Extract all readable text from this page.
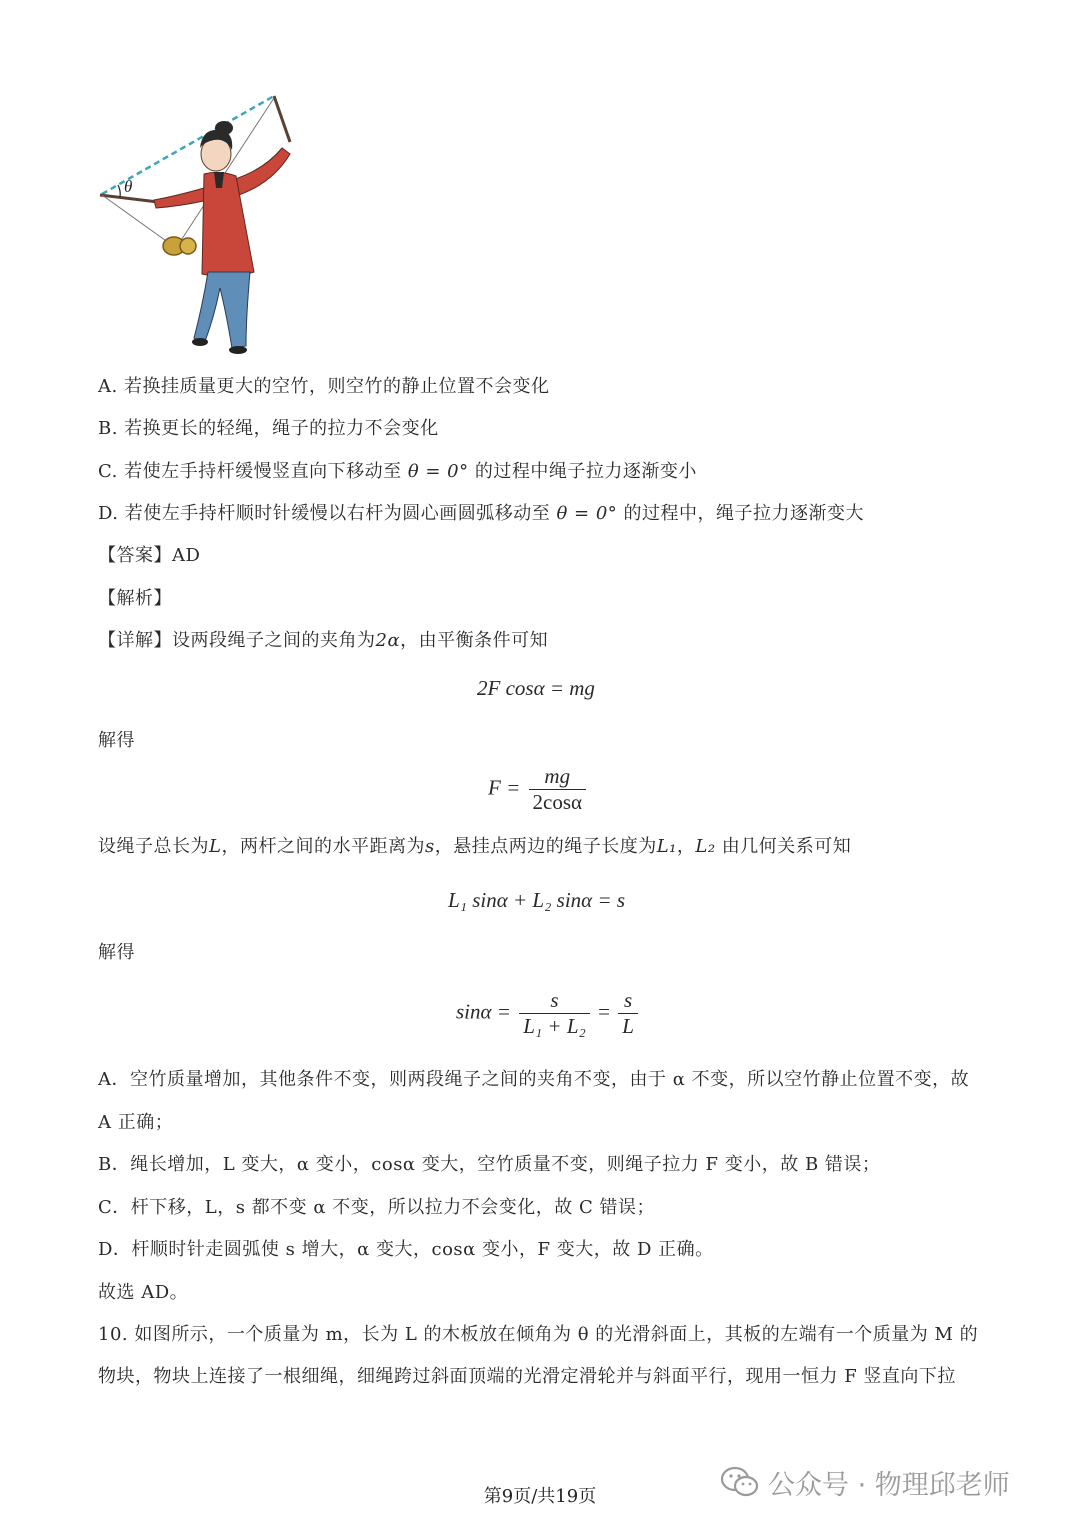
θ
A. 若换挂质量更大的空竹，则空竹的静止位置不会变化
B. 若换更长的轻绳，绳子的拉力不会变化
C. 若使左手持杆缓慢竖直向下移动至 θ = 0° 的过程中绳子拉力逐渐变小
D. 若使左手持杆顺时针缓慢以右杆为圆心画圆弧移动至 θ = 0° 的过程中，绳子拉力逐渐变大
【答案】AD
【解析】
【详解】设两段绳子之间的夹角为2α，由平衡条件可知
2F cosα = mg
解得
$F = \frac{mg}{2\cos\alpha}$
设绳子总长为L，两杆之间的水平距离为s，悬挂点两边的绳子长度为L₁，L₂ 由几何关系可知
L₁ sinα + L₂ sinα = s
解得
$\sin\alpha = \frac{s}{\text{L₁ + L₂}} = \frac{s}{L}$
A．空竹质量增加，其他条件不变，则两段绳子之间的夹角不变，由于 α 不变，所以空竹静止位置不变，故
A 正确；
B．绳长增加，L 变大，α 变小，cosα 变大，空竹质量不变，则绳子拉力 F 变小，故 B 错误；
C．杆下移，L，s 都不变 α 不变，所以拉力不会变化，故 C 错误；
D．杆顺时针走圆弧使 s 增大，α 变大，cosα 变小，F 变大，故 D 正确。
故选 AD。
10. 如图所示，一个质量为 m，长为 L 的木板放在倾角为 θ 的光滑斜面上，其板的左端有一个质量为 M 的
物块，物块上连接了一根细绳，细绳跨过斜面顶端的光滑定滑轮并与斜面平行，现用一恒力 F 竖直向下拉
第9页/共19页	公众号 · 物理邱老师
